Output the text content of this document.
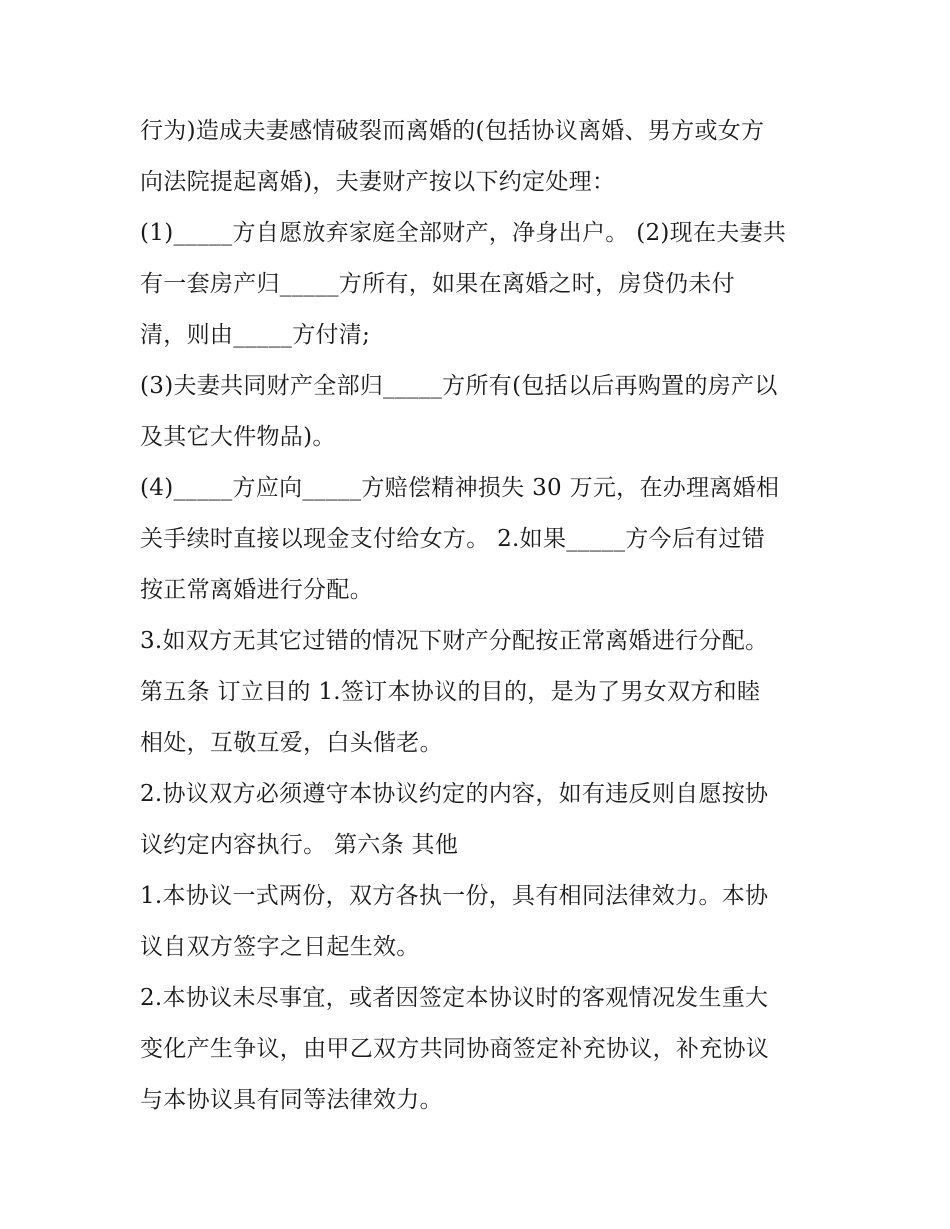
行为)造成夫妻感情破裂而离婚的(包括协议离婚、男方或女方
向法院提起离婚)，夫妻财产按以下约定处理：
(1)_____方自愿放弃家庭全部财产，净身出户。 (2)现在夫妻共
有一套房产归_____方所有，如果在离婚之时，房贷仍未付
清，则由_____方付清;
(3)夫妻共同财产全部归_____方所有(包括以后再购置的房产以
及其它大件物品)。
(4)_____方应向_____方赔偿精神损失 30 万元，在办理离婚相
关手续时直接以现金支付给女方。 2.如果_____方今后有过错
按正常离婚进行分配。
3.如双方无其它过错的情况下财产分配按正常离婚进行分配。
第五条 订立目的 1.签订本协议的目的，是为了男女双方和睦
相处，互敬互爱，白头偕老。
2.协议双方必须遵守本协议约定的内容，如有违反则自愿按协
议约定内容执行。 第六条 其他
1.本协议一式两份，双方各执一份，具有相同法律效力。本协
议自双方签字之日起生效。
2.本协议未尽事宜，或者因签定本协议时的客观情况发生重大
变化产生争议，由甲乙双方共同协商签定补充协议，补充协议
与本协议具有同等法律效力。
